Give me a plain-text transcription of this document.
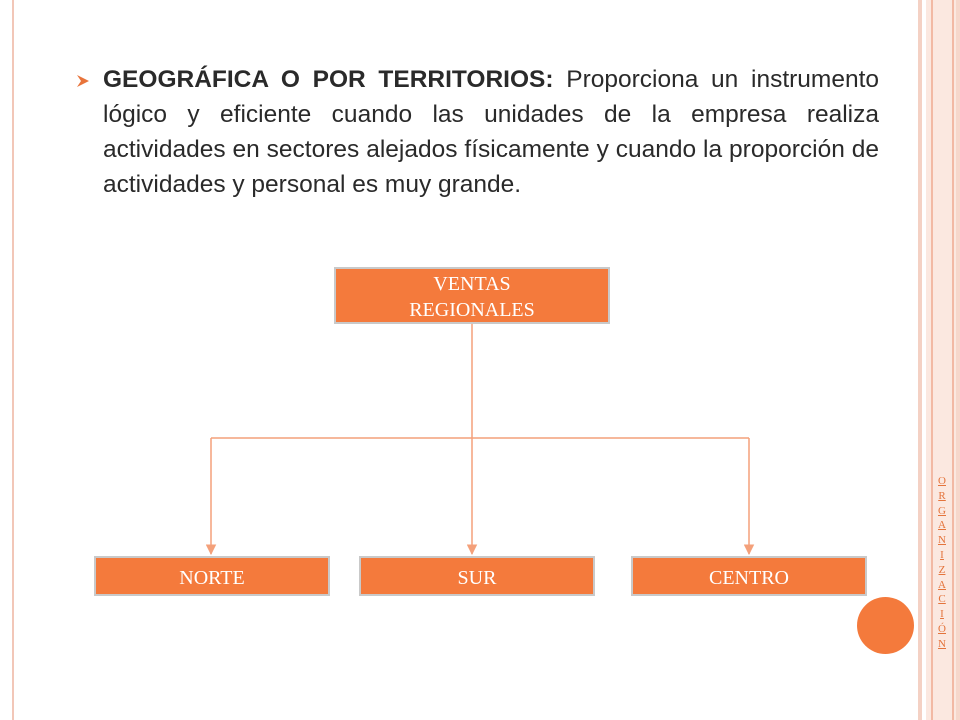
O
R
G
A
N
I
Z
A
C
I
Ó
N
GEOGRÁFICA O POR TERRITORIOS: Proporciona un instrumento lógico y eficiente cuando las unidades de la empresa realiza actividades en sectores alejados físicamente y cuando la proporción de actividades y personal es muy grande.
VENTAS
REGIONALES
NORTE	SUR	CENTRO
